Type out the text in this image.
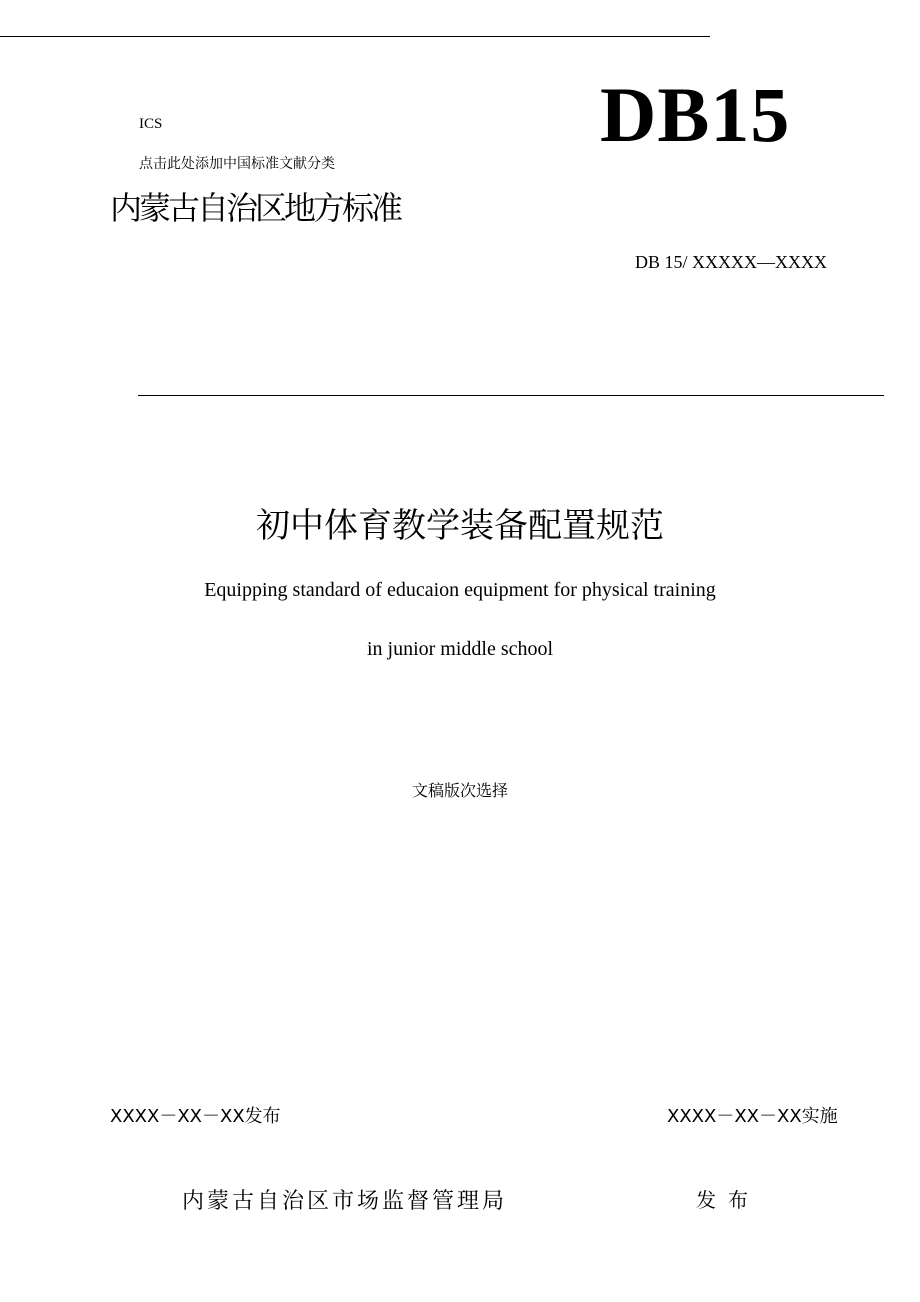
ICS	DB15
点击此处添加中国标准文献分类
内蒙古自治区地方标准
DB 15/ XXXXX—XXXX
初中体育教学装备配置规范
Equipping standard of educaion equipment for physical training
in junior middle school
文稿版次选择
XXXX－XX－XX发布	XXXX－XX－XX实施
内蒙古自治区市场监督管理局	发布
